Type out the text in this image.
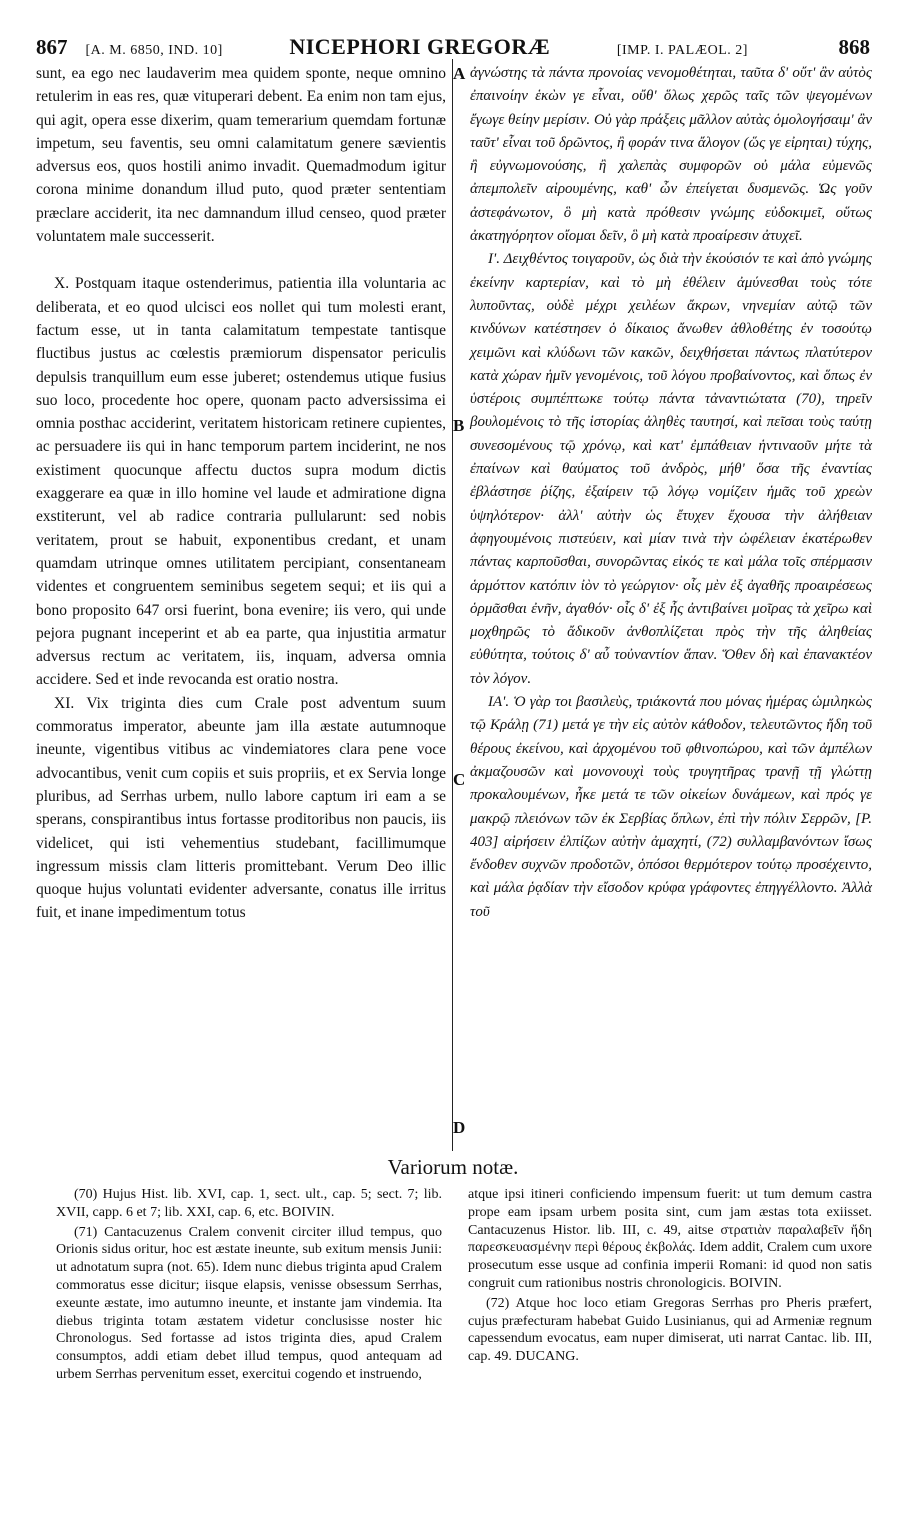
867 [A. M. 6850, IND. 10]	NICEPHORI GREGORÆ	[IMP. I. PALÆOL. 2]	868

sunt, ea ego nec laudaverim mea quidem sponte, neque omnino retulerim in eas res, quæ vituperari debent. Ea enim non tam ejus, qui agit, opera esse dixerim, quam temerarium quemdam fortunæ impetum, seu faventis, seu omni calamitatum genere sævientis adversus eos, quos hostili animo invadit. Quemadmodum igitur corona minime donandum illud puto, quod præter sententiam præclare acciderit, ita nec damnandum illud censeo, quod præter voluntatem male successerit.

X. Postquam itaque ostenderimus, patientia illa voluntaria ac deliberata, et eo quod ulcisci eos nollet qui tum molesti erant, factum esse, ut in tanta calamitatum tempestate tantisque fluctibus justus ac cœlestis præmiorum dispensator periculis depulsis tranquillum eum esse juberet; ostendemus utique fusius suo loco, procedente hoc opere, quonam pacto adversissima ei omnia posthac acciderint, veritatem historicam retinere cupientes, ac persuadere iis qui in hanc temporum partem inciderint, ne nos existiment quocunque affectu ductos supra modum dictis exaggerare ea quæ in illo homine vel laude et admiratione digna exstiterunt, vel ab radice contraria pullularunt: sed nobis veritatem, prout se habuit, exponentibus credant, et unam quamdam utrinque omnes utilitatem percipiant, consentaneam videntes et congruentem seminibus segetem sequi; et iis qui a bono proposito 647 orsi fuerint, bona evenire; iis vero, qui unde pejora pugnant inceperint et ab ea parte, qua injustitia armatur adversus rectum ac veritatem, iis, inquam, adversa omnia accidere. Sed et inde revocanda est oratio nostra.

XI. Vix triginta dies cum Crale post adventum suum commoratus imperator, abeunte jam illa æstate autumnoque ineunte, vigentibus vitibus ac vindemiatores clara pene voce advocantibus, venit cum copiis et suis propriis, et ex Servia longe pluribus, ad Serrhas urbem, nullo labore captum iri eam a se sperans, conspirantibus intus fortasse proditoribus non paucis, iis videlicet, qui isti vehementius studebant, facillimumque ingressum missis clam litteris promittebant. Verum Deo illic quoque hujus voluntati evidenter adversante, conatus ille irritus fuit, et inane impedimentum totus

A
B
C
D

ἀγνώστης τὰ πάντα προνοίας νενομοθέτηται, ταῦτα δ' οὔτ' ἂν αὐτὸς ἐπαινοίην ἑκὼν γε εἶναι, οὔθ' ὅλως χερῶς ταῖς τῶν ψεγομένων ἔγωγε θείην μερίσιν. Οὐ γὰρ πράξεις μᾶλλον αὐτὰς ὁμολογήσαιμ' ἂν ταῦτ' εἶναι τοῦ δρῶντος, ἢ φοράν τινα ἄλογον (ὥς γε εἰρηται) τύχης, ἢ εὐγνωμονούσης, ἢ χαλεπὰς συμφορῶν οὐ μάλα εὐμενῶς ἀπεμπολεῖν αἱρουμένης, καθ' ὧν ἐπείγεται δυσμενῶς. Ὡς γοῦν ἀστεφάνωτον, ὃ μὴ κατὰ πρόθεσιν γνώμης εὐδοκιμεῖ, οὕτως ἀκατηγόρητον οἴομαι δεῖν, ὃ μὴ κατὰ προαίρεσιν ἀτυχεῖ.

Ι'. Δειχθέντος τοιγαροῦν, ὡς διὰ τὴν ἑκούσιόν τε καὶ ἀπὸ γνώμης ἐκείνην καρτερίαν, καὶ τὸ μὴ ἐθέλειν ἀμύνεσθαι τοὺς τότε λυποῦντας, οὐδὲ μέχρι χειλέων ἄκρων, νηνεμίαν αὐτῷ τῶν κινδύνων κατέστησεν ὁ δίκαιος ἄνωθεν ἀθλοθέτης ἐν τοσούτῳ χειμῶνι καὶ κλύδωνι τῶν κακῶν, δειχθήσεται πάντως πλατύτερον κατὰ χώραν ἡμῖν γενομένοις, τοῦ λόγου προβαίνοντος, καὶ ὅπως ἐν ὑστέροις συμπέπτωκε τούτῳ πάντα τἀναντιώτατα (70), τηρεῖν βουλομένοις τὸ τῆς ἱστορίας ἀληθὲς ταυτησί, καὶ πεῖσαι τοὺς ταύτῃ συνεσομένους τῷ χρόνῳ, καὶ κατ' ἐμπάθειαν ἡντιναοῦν μήτε τὰ ἐπαίνων καὶ θαύματος τοῦ ἀνδρὸς, μήθ' ὅσα τῆς ἐναντίας ἐβλάστησε ῥίζης, ἐξαίρειν τῷ λόγῳ νομίζειν ἡμᾶς τοῦ χρεὼν ὑψηλότερον· ἀλλ' αὐτὴν ὡς ἔτυχεν ἔχουσα τὴν ἀλήθειαν ἀφηγουμένοις πιστεύειν, καὶ μίαν τινὰ τὴν ὠφέλειαν ἑκατέρωθεν πάντας καρποῦσθαι, συνορῶντας εἰκός τε καὶ μάλα τοῖς σπέρμασιν ἁρμόττον κατόπιν ἰὸν τὸ γεώργιον· οἷς μὲν ἐξ ἀγαθῆς προαιρέσεως ὁρμᾶσθαι ἐνῆν, ἀγαθόν· οἷς δ' ἐξ ἧς ἀντιβαίνει μοῖρας τὰ χεῖρω καὶ μοχθηρῶς τὸ ἄδικοῦν ἀνθοπλίζεται πρὸς τὴν τῆς ἀληθείας εὐθύτητα, τούτοις δ' αὖ τοὐναντίον ἅπαν. Ὅθεν δὴ καὶ ἐπανακτέον τὸν λόγον.

ΙΑ'. Ὁ γὰρ τοι βασιλεὺς, τριάκοντά που μόνας ἡμέρας ὡμιληκὼς τῷ Κράλῃ (71) μετά γε τὴν εἰς αὐτὸν κάθοδον, τελευτῶντος ἤδη τοῦ θέρους ἐκείνου, καὶ ἀρχομένου τοῦ φθινοπώρου, καὶ τῶν ἀμπέλων ἀκμαζουσῶν καὶ μονονουχὶ τοὺς τρυγητῆρας τρανῇ τῇ γλώττῃ προκαλουμένων, ἧκε μετά τε τῶν οἰκείων δυνάμεων, καὶ πρός γε μακρῷ πλειόνων τῶν ἐκ Σερβίας ὅπλων, ἐπὶ τὴν πόλιν Σερρῶν, [P. 403] αἱρήσειν ἐλπίζων αὐτὴν ἀμαχητί, (72) συλλαμβανόντων ἴσως ἔνδοθεν συχνῶν προδοτῶν, ὁπόσοι θερμότερον τούτῳ προσέχειντο, καὶ μάλα ῥᾳδίαν τὴν εἴσοδον κρύφα γράφοντες ἐπηγγέλλοντο. Ἀλλὰ τοῦ

Variorum notæ.

(70) Hujus Hist. lib. XVI, cap. 1, sect. ult., cap. 5; sect. 7; lib. XVII, capp. 6 et 7; lib. XXI, cap. 6, etc. BOIVIN.

(71) Cantacuzenus Cralem convenit circiter illud tempus, quo Orionis sidus oritur, hoc est æstate ineunte, sub exitum mensis Junii: ut adnotatum supra (not. 65). Idem nunc diebus triginta apud Cralem commoratus esse dicitur; iisque elapsis, venisse obsessum Serrhas, exeunte æstate, imo autumno ineunte, et instante jam vindemia. Ita diebus triginta totam æstatem videtur conclusisse noster hic Chronologus. Sed fortasse ad istos triginta dies, apud Cralem consumptos, addi etiam debet illud tempus, quod antequam ad urbem Serrhas pervenitum esset, exercitui cogendo et instruendo,

atque ipsi itineri conficiendo impensum fuerit: ut tum demum castra prope eam ipsam urbem posita sint, cum jam æstas tota exiisset. Cantacuzenus Histor. lib. III, c. 49, aitse στρατιὰν παραλαβεῖν ἤδη παρεσκευασμένην περὶ θέρους ἐκβολάς. Idem addit, Cralem cum uxore prosecutum esse usque ad confinia imperii Romani: id quod non satis congruit cum rationibus nostris chronologicis. BOIVIN.

(72) Atque hoc loco etiam Gregoras Serrhas pro Pheris præfert, cujus præfecturam habebat Guido Lusinianus, qui ad Armeniæ regnum capessendum evocatus, eam nuper dimiserat, uti narrat Cantac. lib. III, cap. 49. DUCANG.
